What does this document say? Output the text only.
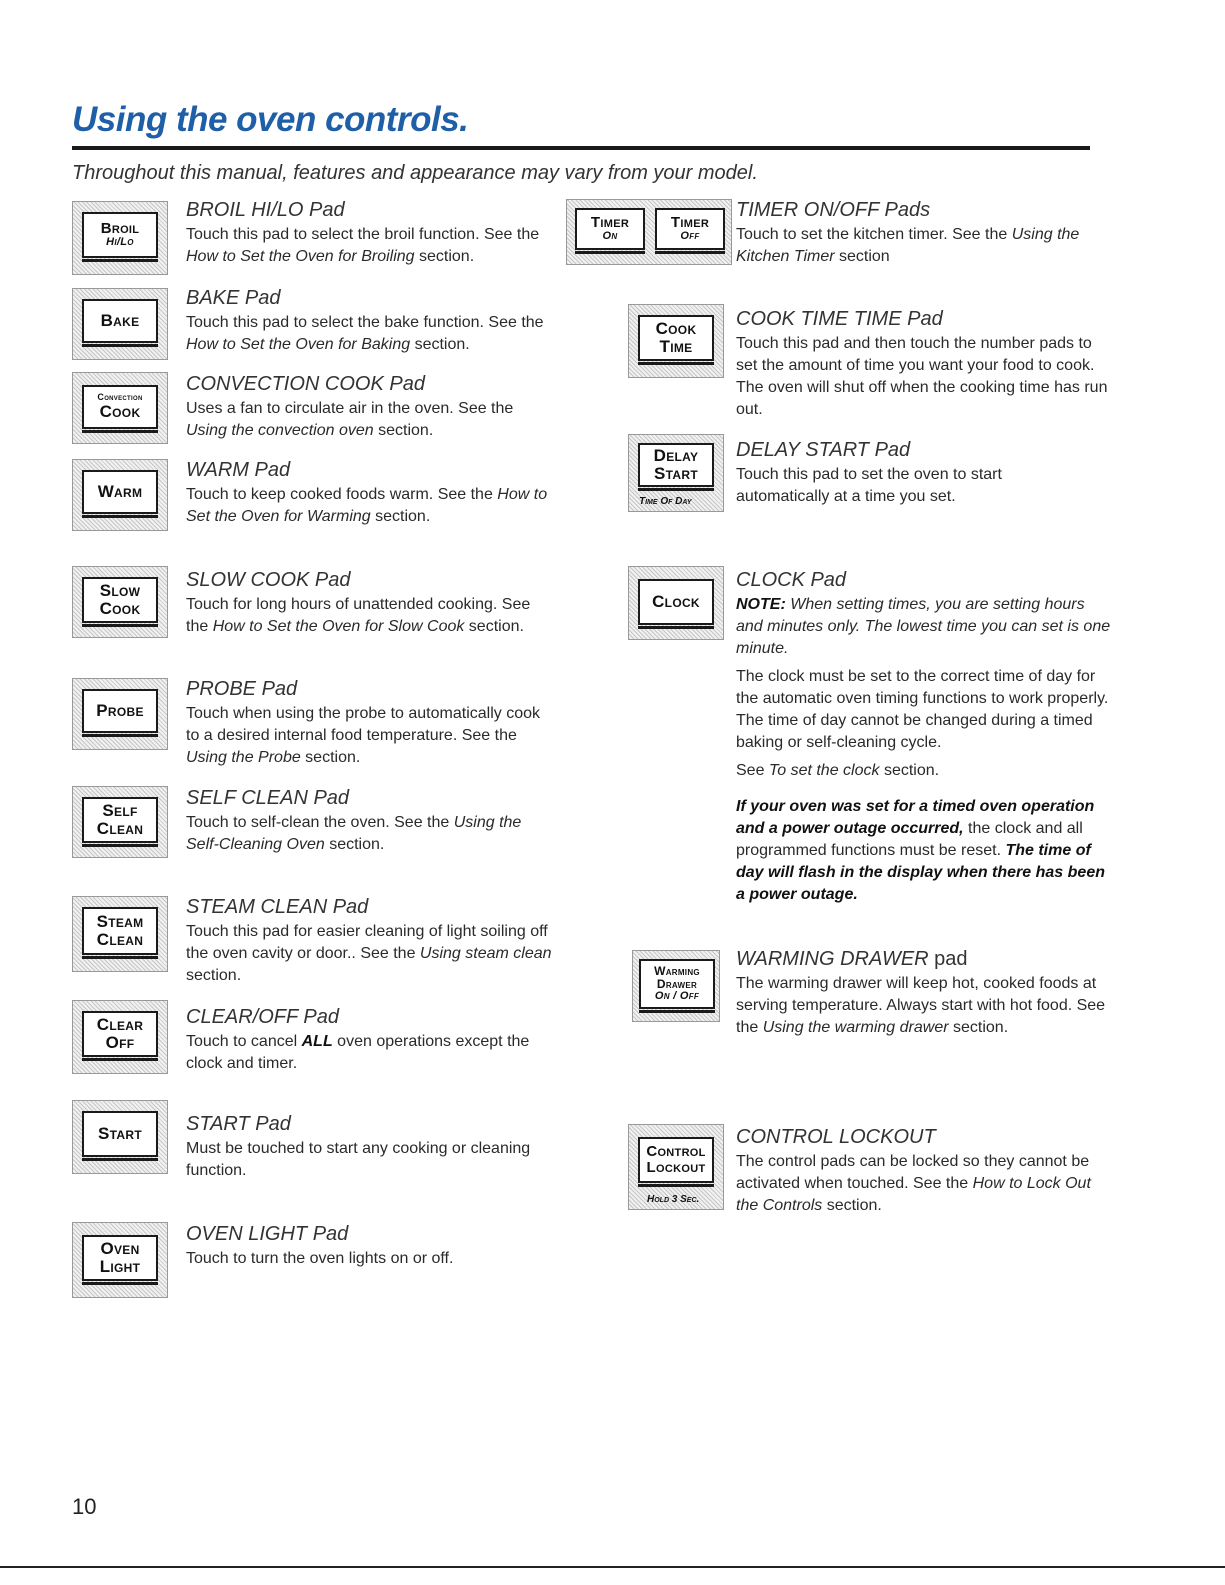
Using the oven controls.
Throughout this manual, features and appearance may vary from your model.
Broil
Hi/Lo
BROIL HI/LO Pad

Touch this pad to select the broil function. See the How to Set the Oven for Broiling section.

Bake
BAKE Pad

Touch this pad to select the bake function. See the How to Set the Oven for Baking section.

Convection
Cook
CONVECTION COOK Pad

Uses a fan to circulate air in the oven. See the Using the convection oven section.

Warm
WARM Pad

Touch to keep cooked foods warm. See the How to Set the Oven for Warming section.

Slow
Cook
SLOW COOK Pad

Touch for long hours of unattended cooking. See the How to Set the Oven for Slow Cook section.

Probe
PROBE Pad

Touch when using the probe to automatically cook to a desired internal food temperature. See the Using the Probe section.

Self
Clean
SELF CLEAN Pad

Touch to self-clean the oven. See the Using the Self-Cleaning Oven section.

Steam
Clean
STEAM CLEAN Pad

Touch this pad for easier cleaning of light soiling off the oven cavity or door.. See the Using steam clean section.

Clear
Off
CLEAR/OFF Pad

Touch to cancel ALL oven operations except the clock and timer.

Start START Pad

Must be touched to start any cooking or cleaning function.

Oven
Light
OVEN LIGHT Pad

Touch to turn the oven lights on or off.

Timer
On
Timer
Off
TIMER ON/OFF Pads

Touch to set the kitchen timer. See the Using the Kitchen Timer section

Cook
Time
COOK TIME TIME Pad

Touch this pad and then touch the number pads to set the amount of time you want your food to cook. The oven will shut off when the cooking time has run out.

Delay
Start
Time Of Day
DELAY START Pad

Touch this pad to set the oven to start automatically at a time you set.

Clock
CLOCK Pad

NOTE: When setting times, you are setting hours and minutes only. The lowest time you can set is one minute.

The clock must be set to the correct time of day for the automatic oven timing functions to work properly. The time of day cannot be changed during a timed baking or self-cleaning cycle.

See To set the clock section.

If your oven was set for a timed oven operation and a power outage occurred, the clock and all programmed functions must be reset. The time of day will flash in the display when there has been a power outage.

Warming
Drawer
On / Off
WARMING DRAWER pad

The warming drawer will keep hot, cooked foods at serving temperature. Always start with hot food. See the Using the warming drawer section.

Control
Lockout
Hold 3 Sec.
CONTROL LOCKOUT

The control pads can be locked so they cannot be activated when touched. See the How to Lock Out the Controls section.

10
